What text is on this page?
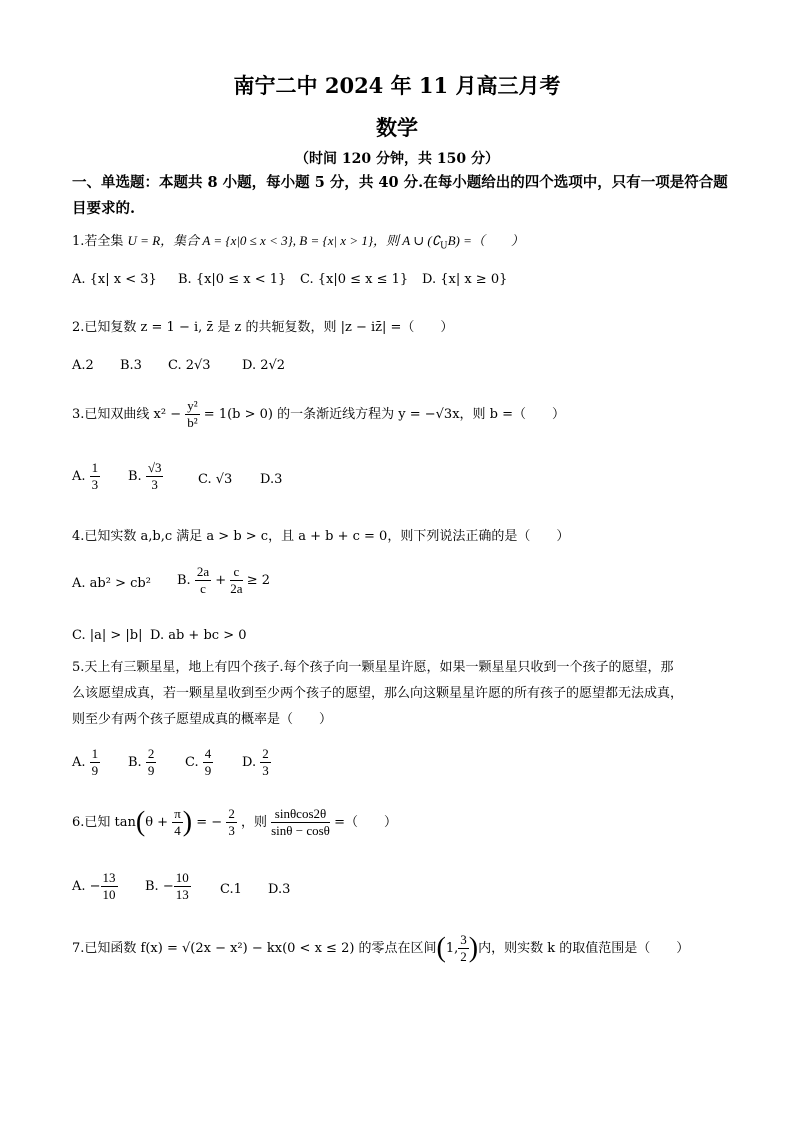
南宁二中 2024 年 11 月高三月考
数学
（时间 120 分钟，共 150 分）
一、单选题：本题共 8 小题，每小题 5 分，共 40 分.在每小题给出的四个选项中，只有一项是符合题目要求的.
1.若全集 U = R，集合 A = {x|0 ≤ x < 3}, B = {x| x > 1}，则 A ∪ $(∁_UB)$ =（　　）
A. {x| x < 3} B. {x|0 ≤ x < 1} C. {x|0 ≤ x ≤ 1} D. {x| x ≥ 0}
2.已知复数 z = 1 − i, z̄ 是 z 的共轭复数，则 |z − iz̄| =（　　）
A.2 B.3 C. 2√3 D. 2√2
3.已知双曲线 $x^2 - \frac{\text{y²}}{\text{b²}} = 1(b > 0)$ 的一条渐近线方程为 y = −√3x，则 b =（　　）
A. $\frac{1}{3} B$. $\frac{√3}{3}$	C. √3 D.3
4.已知实数 a,b,c 满足 a > b > c，且 a + b + c = 0，则下列说法正确的是（　　）
A. ab² > cb² B. $\frac{2a}{c} + \frac{c}{2a} \ge 2$
C. |a| > |b| D. ab + bc > 0
5.天上有三颗星星，地上有四个孩子.每个孩子向一颗星星许愿，如果一颗星星只收到一个孩子的愿望，那
么该愿望成真，若一颗星星收到至少两个孩子的愿望，那么向这颗星星许愿的所有孩子的愿望都无法成真，
则至少有两个孩子愿望成真的概率是（　　）
A. $\frac{1}{9} B$. $\frac{2}{9} C$. $\frac{4}{9} D$. $\frac{2}{3}$
6.已知 $\tan(\theta + \frac{\pi}{4}$ ) = − $\frac{2}{3}$ ，则 $\frac{\sin\theta\cos 2\theta}{\sin\theta - \cos\theta}$ =（　　）
A. − $\frac{13}{10} B$. − $\frac{10}{13} C.1$ D.3
7.已知函数 f(x) = √(2x − x²) − kx(0 < x ≤ 2) 的零点在区间(1, $\frac{3}{2}$ )内，则实数 k 的取值范围是（　　）
